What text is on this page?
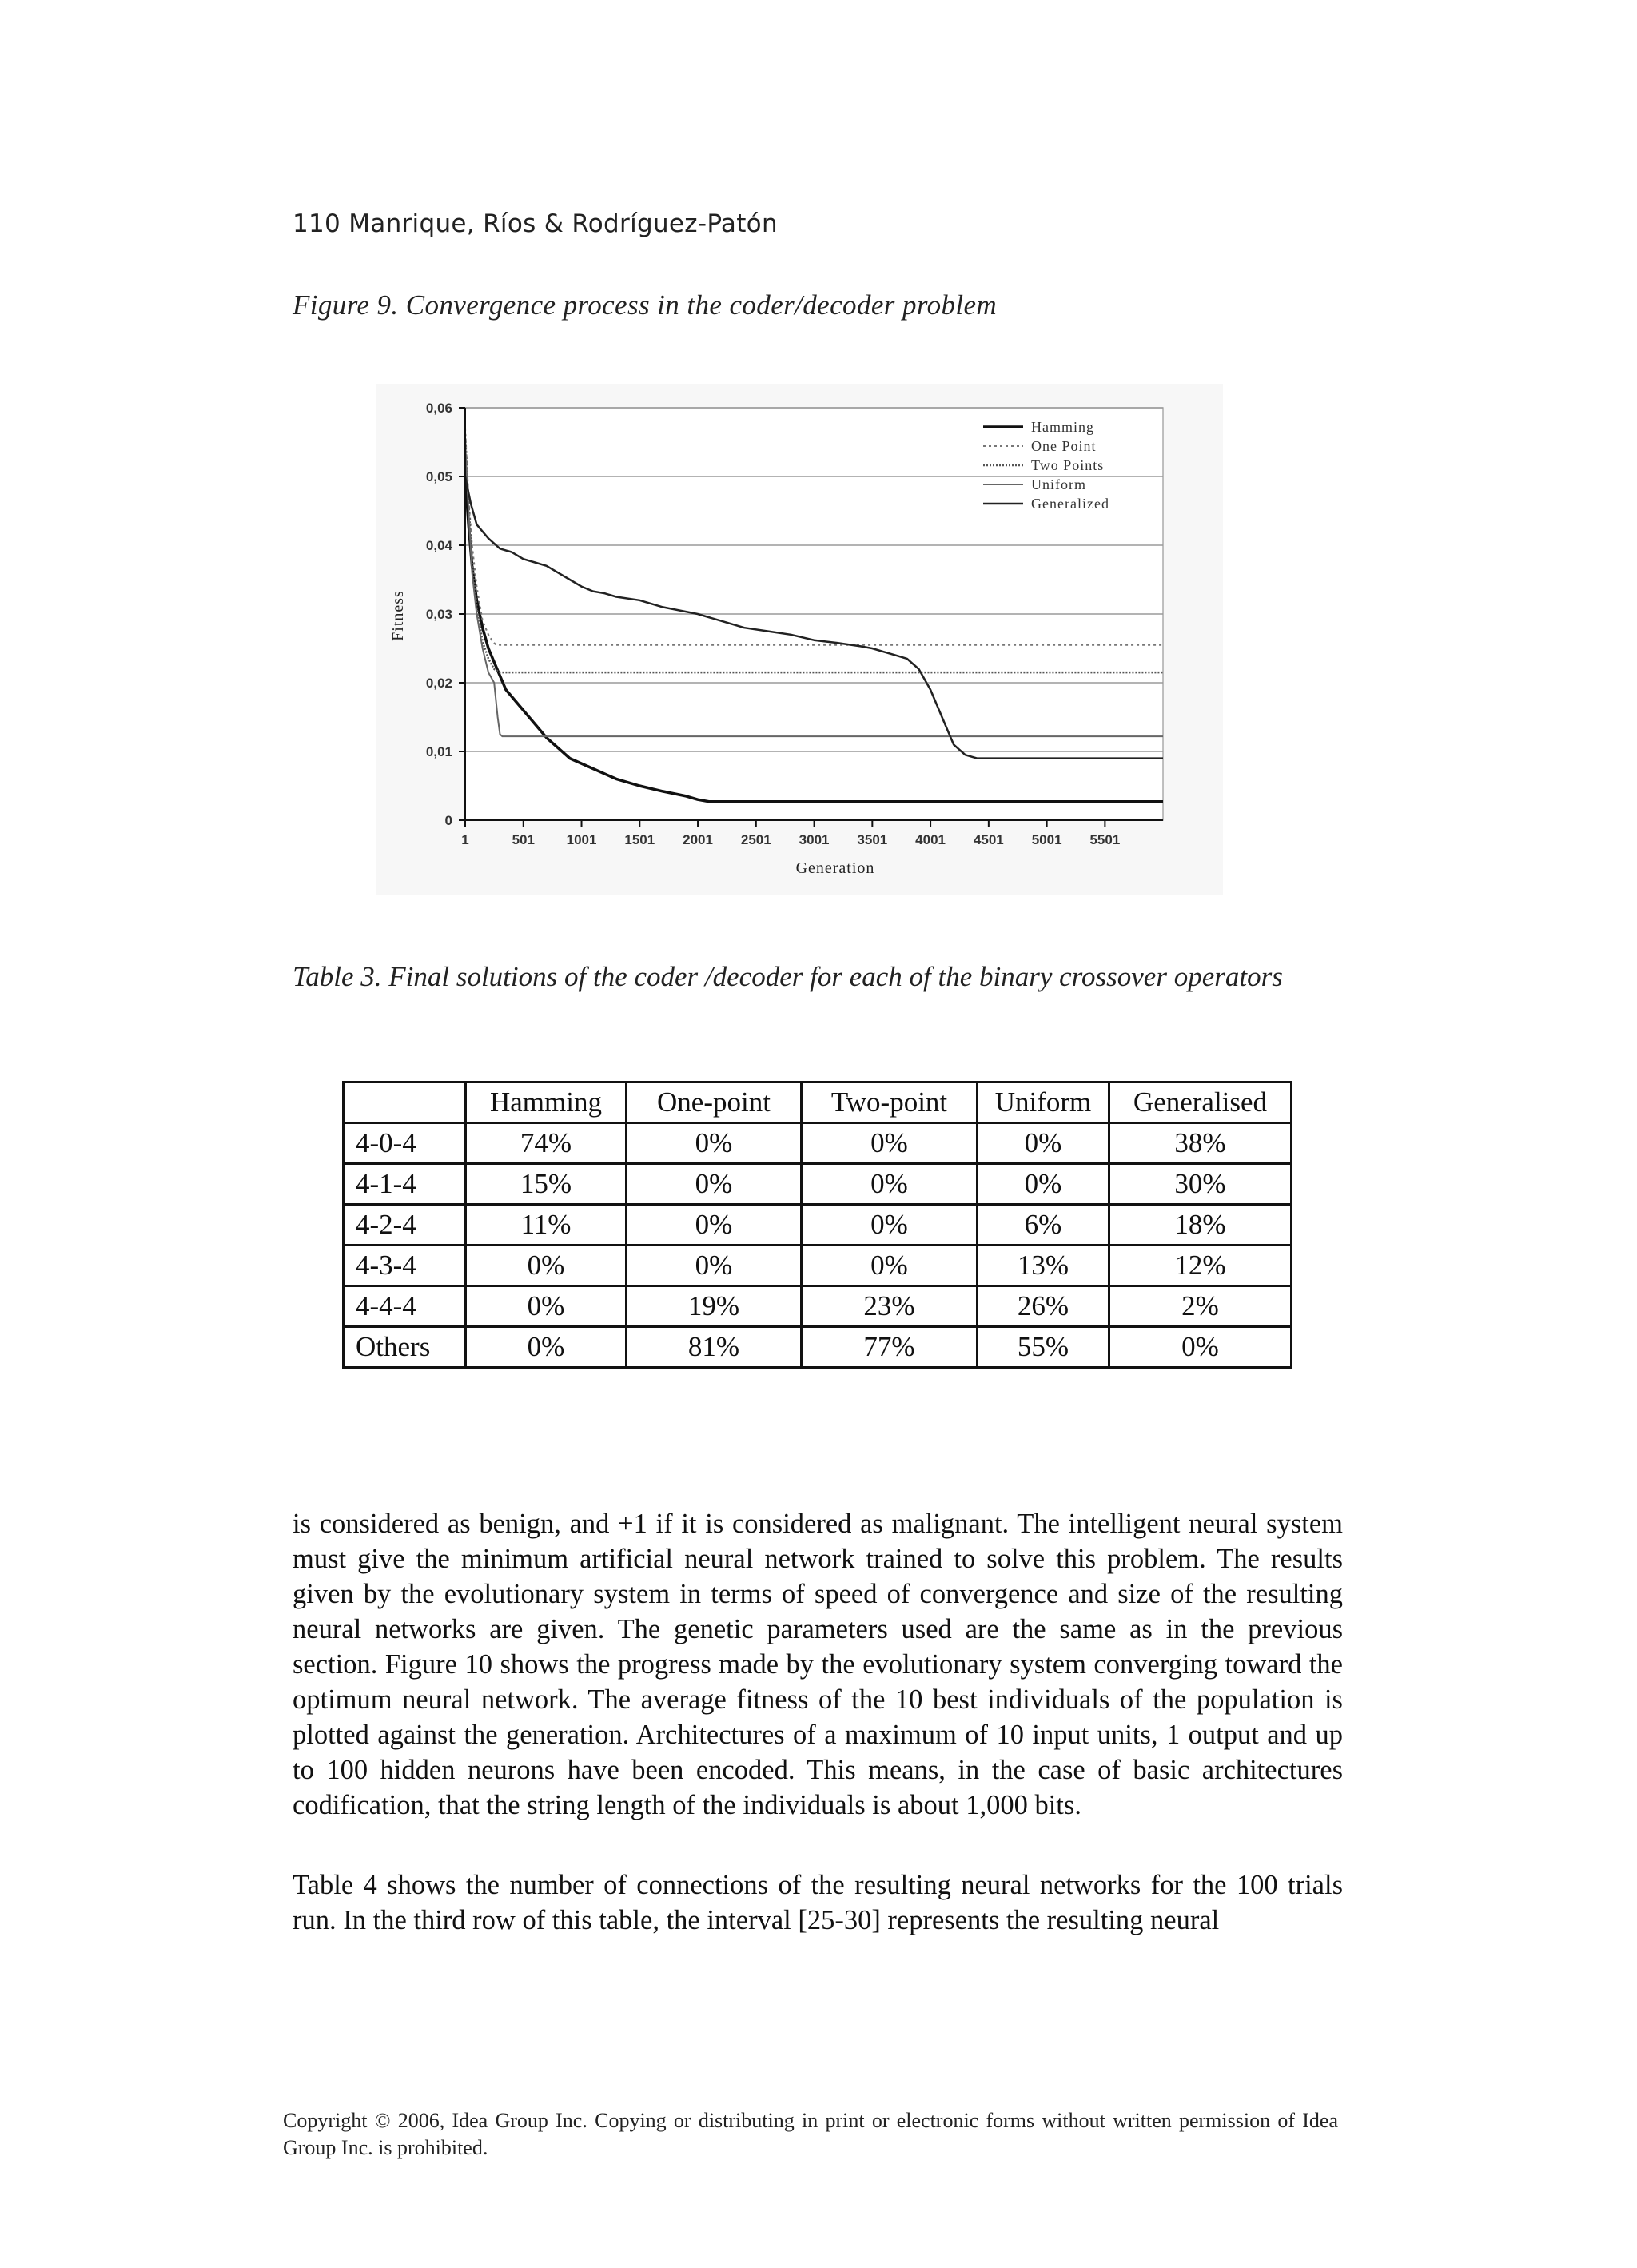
110 Manrique, Ríos & Rodríguez-Patón
Figure 9. Convergence process in the coder/decoder problem
0
0,01
0,02
0,03
0,04
0,05
0,06
1	501 1001 1501 2001 2501 3001 3501 4001 4501 5001 5501
Generation
Fitness
Hamming
One Point
Two Points
Uniform
Generalized
Table 3. Final solutions of the coder /decoder for each of the binary crossover operators
	Hamming	One-point	Two-point	Uniform	Generalised
4-0-4	74%	0%	0%	0%	38%
4-1-4	15%	0%	0%	0%	30%
4-2-4	11%	0%	0%	6%	18%
4-3-4	0%	0%	0%	13%	12%
4-4-4	0%	19%	23%	26%	2%
Others	0%	81%	77%	55%	0%

is considered as benign, and +1 if it is considered as malignant. The intelligent neural system must give the minimum artificial neural network trained to solve this problem. The results given by the evolutionary system in terms of speed of convergence and size of the resulting neural networks are given. The genetic parameters used are the same as in the previous section. Figure 10 shows the progress made by the evolutionary system converging toward the optimum neural network. The average fitness of the 10 best individuals of the population is plotted against the generation. Architectures of a maximum of 10 input units, 1 output and up to 100 hidden neurons have been encoded. This means, in the case of basic architectures codification, that the string length of the individuals is about 1,000 bits.

Table 4 shows the number of connections of the resulting neural networks for the 100 trials run. In the third row of this table, the interval [25-30] represents the resulting neural

Copyright © 2006, Idea Group Inc. Copying or distributing in print or electronic forms without written permission of Idea Group Inc. is prohibited.
